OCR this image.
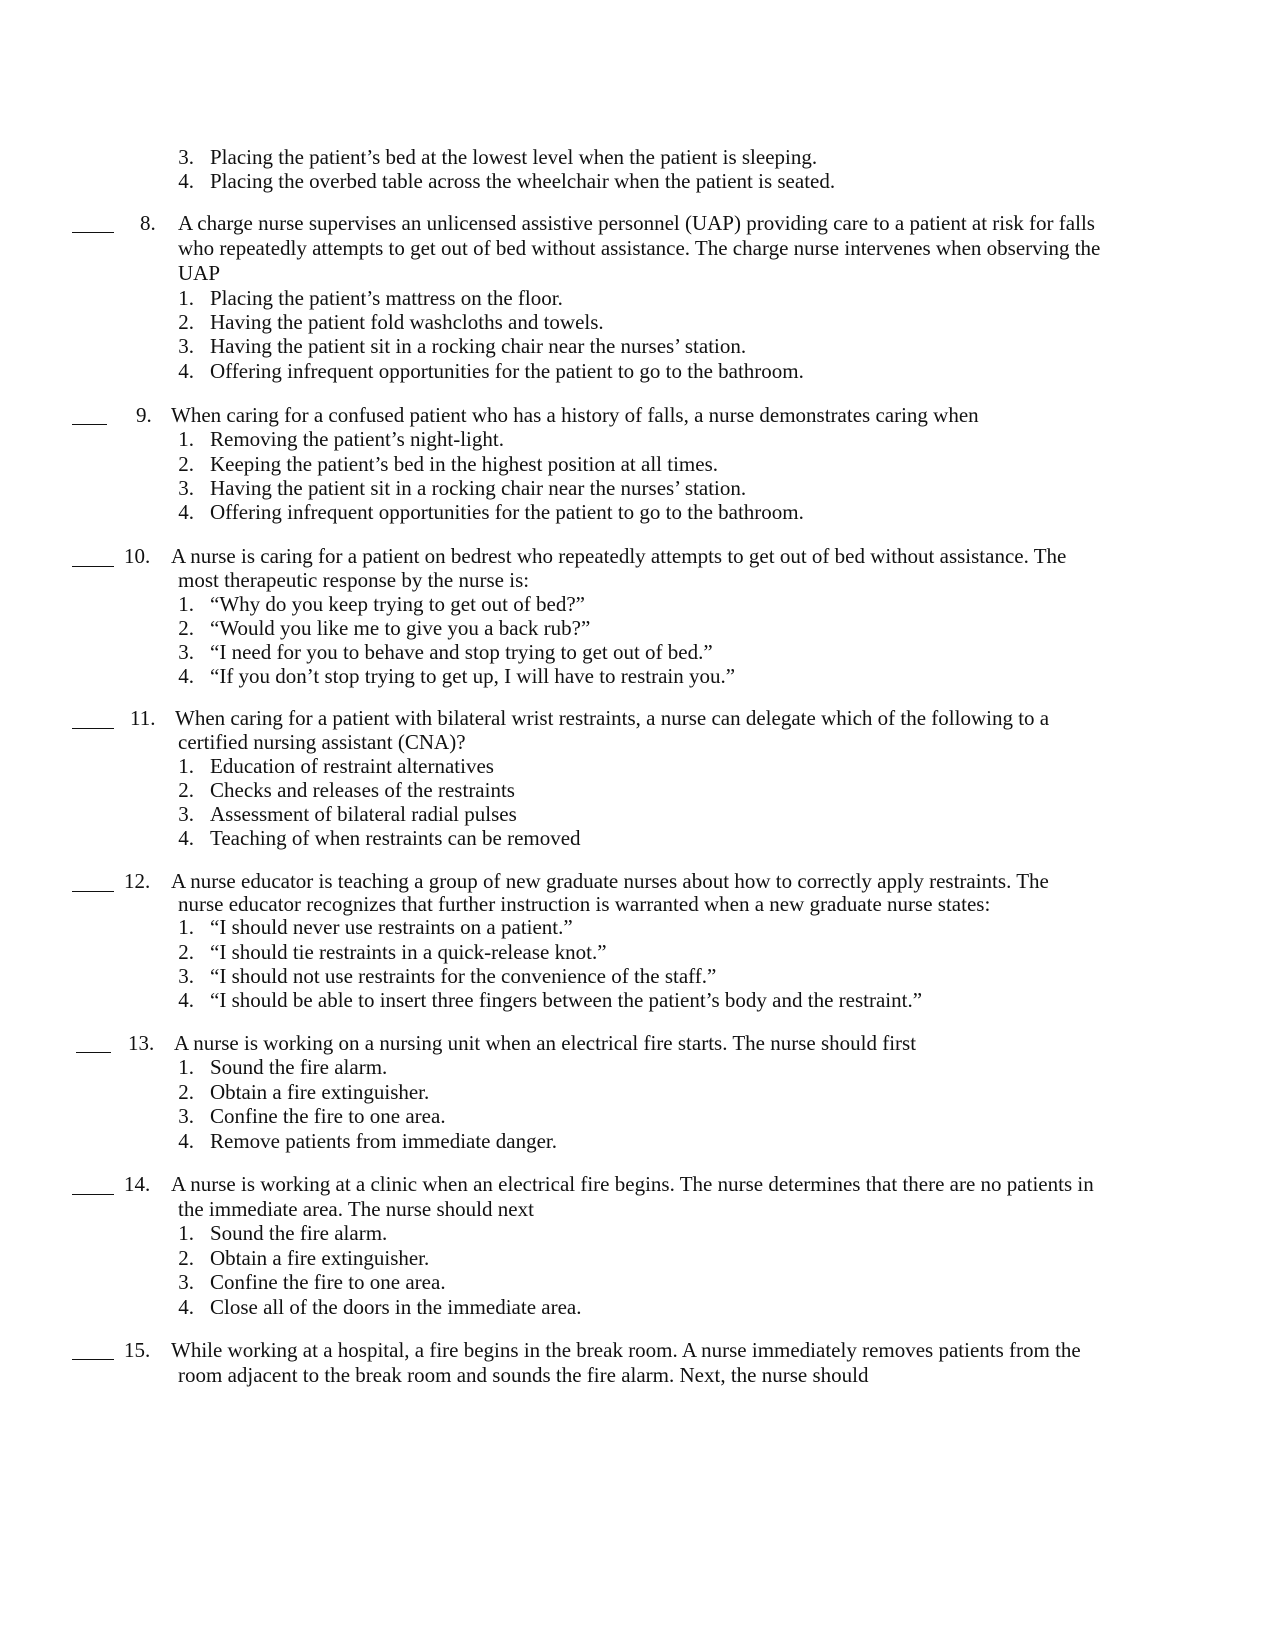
3. Placing the patient’s bed at the lowest level when the patient is sleeping.
4. Placing the overbed table across the wheelchair when the patient is seated.
8. A charge nurse supervises an unlicensed assistive personnel (UAP) providing care to a patient at risk for falls
who repeatedly attempts to get out of bed without assistance. The charge nurse intervenes when observing the
UAP
1. Placing the patient’s mattress on the floor.
2. Having the patient fold washcloths and towels.
3. Having the patient sit in a rocking chair near the nurses’ station.
4. Offering infrequent opportunities for the patient to go to the bathroom.
9. When caring for a confused patient who has a history of falls, a nurse demonstrates caring when
1. Removing the patient’s night-light.
2. Keeping the patient’s bed in the highest position at all times.
3. Having the patient sit in a rocking chair near the nurses’ station.
4. Offering infrequent opportunities for the patient to go to the bathroom.
10. A nurse is caring for a patient on bedrest who repeatedly attempts to get out of bed without assistance. The
most therapeutic response by the nurse is:
1. “Why do you keep trying to get out of bed?”
2. “Would you like me to give you a back rub?”
3. “I need for you to behave and stop trying to get out of bed.”
4. “If you don’t stop trying to get up, I will have to restrain you.”
11. When caring for a patient with bilateral wrist restraints, a nurse can delegate which of the following to a
certified nursing assistant (CNA)?
1. Education of restraint alternatives
2. Checks and releases of the restraints
3. Assessment of bilateral radial pulses
4. Teaching of when restraints can be removed
12. A nurse educator is teaching a group of new graduate nurses about how to correctly apply restraints. The
nurse educator recognizes that further instruction is warranted when a new graduate nurse states:
1. “I should never use restraints on a patient.”
2. “I should tie restraints in a quick-release knot.”
3. “I should not use restraints for the convenience of the staff.”
4. “I should be able to insert three fingers between the patient’s body and the restraint.”
13. A nurse is working on a nursing unit when an electrical fire starts. The nurse should first
1. Sound the fire alarm.
2. Obtain a fire extinguisher.
3. Confine the fire to one area.
4. Remove patients from immediate danger.
14. A nurse is working at a clinic when an electrical fire begins. The nurse determines that there are no patients in
the immediate area. The nurse should next
1. Sound the fire alarm.
2. Obtain a fire extinguisher.
3. Confine the fire to one area.
4. Close all of the doors in the immediate area.
15. While working at a hospital, a fire begins in the break room. A nurse immediately removes patients from the
room adjacent to the break room and sounds the fire alarm. Next, the nurse should
